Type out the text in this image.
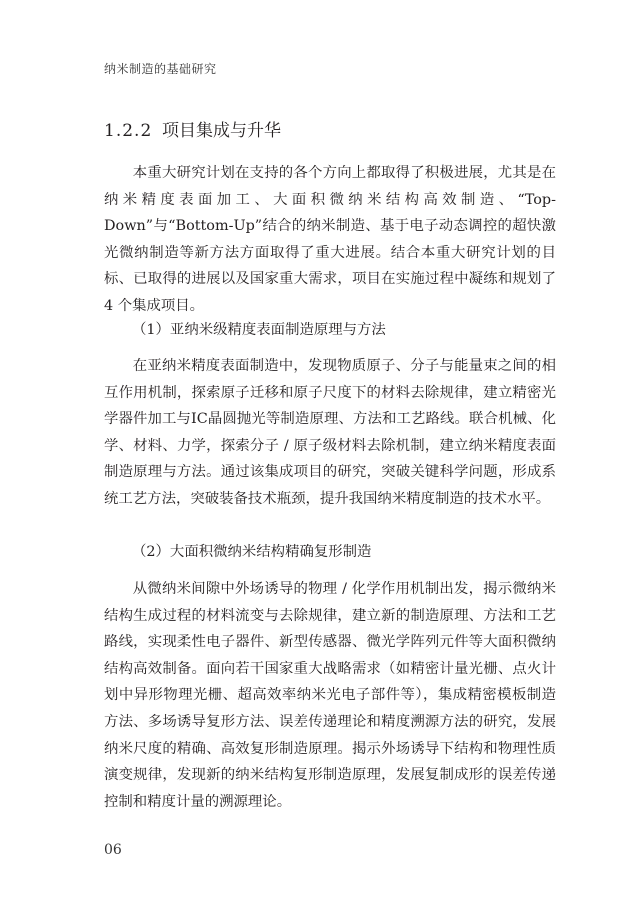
纳米制造的基础研究
1.2.2 项目集成与升华

本重大研究计划在支持的各个方向上都取得了积极进展，尤其是在纳米精度表面加工、大面积微纳米结构高效制造、“Top-Down”与“Bottom-Up”结合的纳米制造、基于电子动态调控的超快激光微纳制造等新方法方面取得了重大进展。结合本重大研究计划的目标、已取得的进展以及国家重大需求，项目在实施过程中凝练和规划了 4 个集成项目。

（1）亚纳米级精度表面制造原理与方法

在亚纳米精度表面制造中，发现物质原子、分子与能量束之间的相互作用机制，探索原子迁移和原子尺度下的材料去除规律，建立精密光学器件加工与IC晶圆抛光等制造原理、方法和工艺路线。联合机械、化学、材料、力学，探索分子 / 原子级材料去除机制，建立纳米精度表面制造原理与方法。通过该集成项目的研究，突破关键科学问题，形成系统工艺方法，突破装备技术瓶颈，提升我国纳米精度制造的技术水平。

（2）大面积微纳米结构精确复形制造

从微纳米间隙中外场诱导的物理 / 化学作用机制出发，揭示微纳米结构生成过程的材料流变与去除规律，建立新的制造原理、方法和工艺路线，实现柔性电子器件、新型传感器、微光学阵列元件等大面积微纳结构高效制备。面向若干国家重大战略需求（如精密计量光栅、点火计划中异形物理光栅、超高效率纳米光电子部件等），集成精密模板制造方法、多场诱导复形方法、误差传递理论和精度溯源方法的研究，发展纳米尺度的精确、高效复形制造原理。揭示外场诱导下结构和物理性质演变规律，发现新的纳米结构复形制造原理，发展复制成形的误差传递控制和精度计量的溯源理论。

06
